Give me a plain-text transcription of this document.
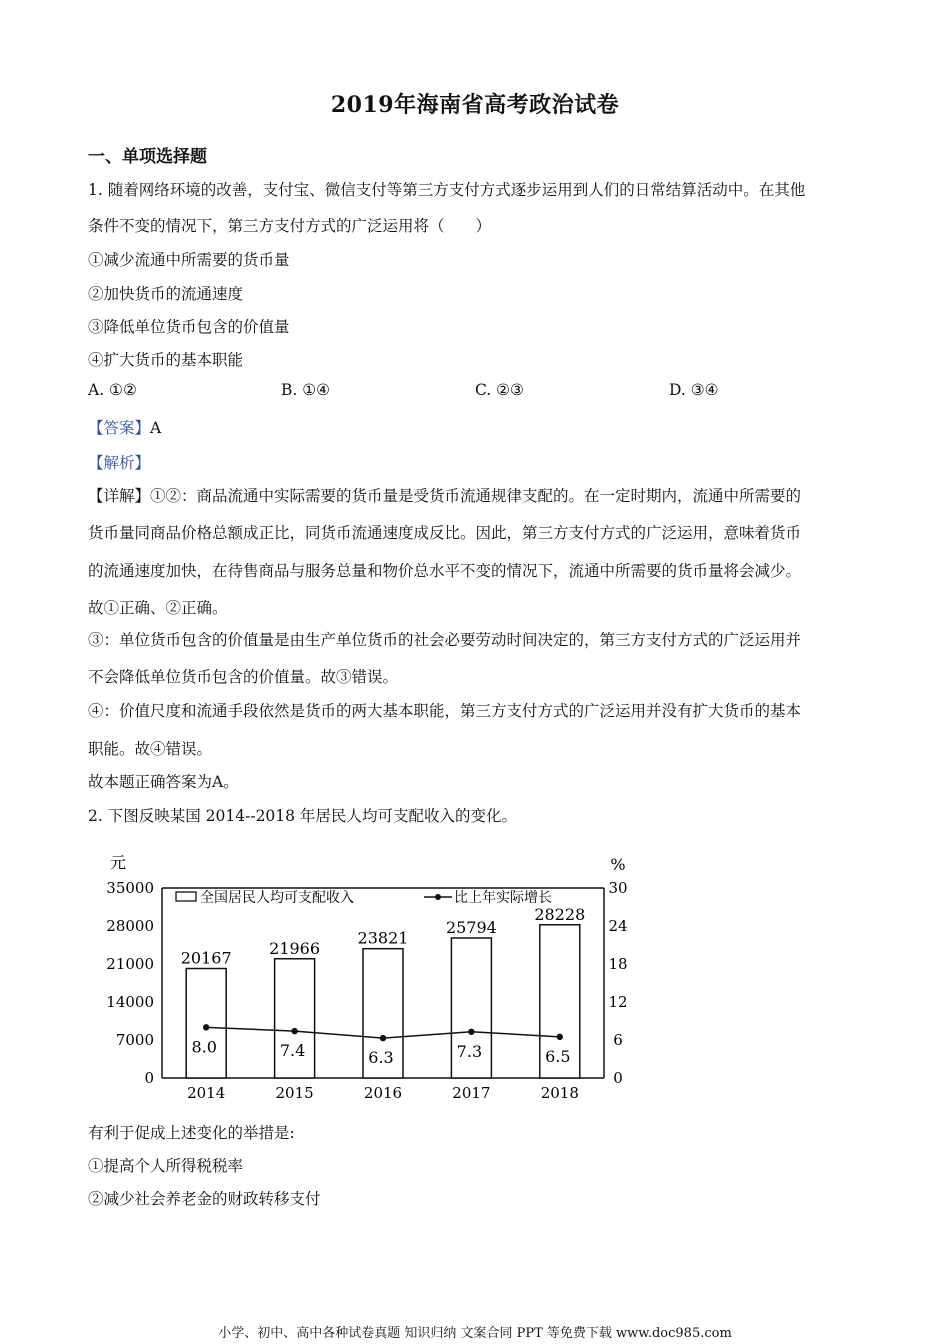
2019年海南省高考政治试卷
一、单项选择题
1. 随着网络环境的改善，支付宝、微信支付等第三方支付方式逐步运用到人们的日常结算活动中。在其他
条件不变的情况下，第三方支付方式的广泛运用将（　　）
①减少流通中所需要的货币量
②加快货币的流通速度
③降低单位货币包含的价值量
④扩大货币的基本职能
A. ①②	B. ①④	C. ②③	D. ③④
【答案】A
【解析】
【详解】①②：商品流通中实际需要的货币量是受货币流通规律支配的。在一定时期内，流通中所需要的
货币量同商品价格总额成正比，同货币流通速度成反比。因此，第三方支付方式的广泛运用，意味着货币
的流通速度加快，在待售商品与服务总量和物价总水平不变的情况下，流通中所需要的货币量将会减少。
故①正确、②正确。
③：单位货币包含的价值量是由生产单位货币的社会必要劳动时间决定的，第三方支付方式的广泛运用并
不会降低单位货币包含的价值量。故③错误。
④：价值尺度和流通手段依然是货币的两大基本职能，第三方支付方式的广泛运用并没有扩大货币的基本
职能。故④错误。
故本题正确答案为A。
2. 下图反映某国 2014--2018 年居民人均可支配收入的变化。
元	%
0
7000
14000
21000
28000
35000
0
6
12
18
24
30
全国居民人均可支配收入	比上年实际增长
20167
21966
23821
25794
28228
8.0	7.4	6.3	7.3	6.5
2014	2015	2016	2017	2018
有利于促成上述变化的举措是:
①提高个人所得税税率
②减少社会养老金的财政转移支付
小学、初中、高中各种试卷真题 知识归纳 文案合同 PPT 等免费下载 www.doc985.com
